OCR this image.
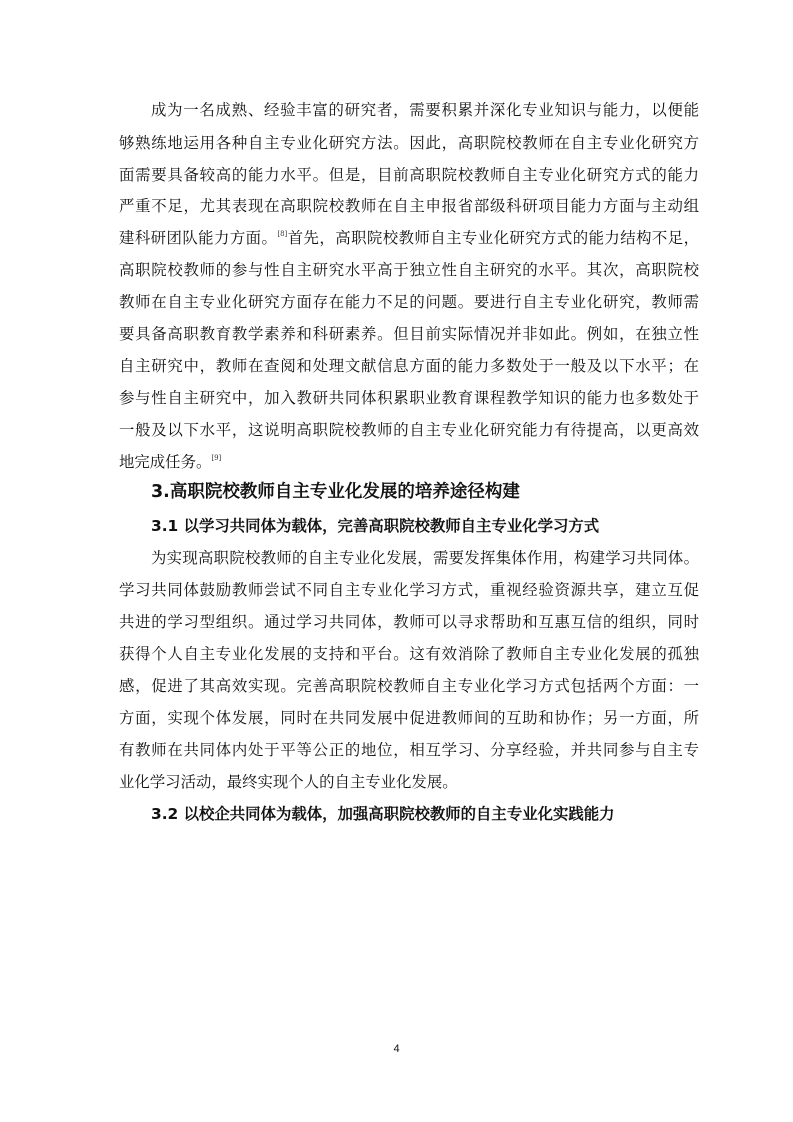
成为一名成熟、经验丰富的研究者，需要积累并深化专业知识与能力，以便能
够熟练地运用各种自主专业化研究方法。因此，高职院校教师在自主专业化研究方
面需要具备较高的能力水平。但是，目前高职院校教师自主专业化研究方式的能力
严重不足，尤其表现在高职院校教师在自主申报省部级科研项目能力方面与主动组
建科研团队能力方面。[8]首先，高职院校教师自主专业化研究方式的能力结构不足，
高职院校教师的参与性自主研究水平高于独立性自主研究的水平。其次，高职院校
教师在自主专业化研究方面存在能力不足的问题。要进行自主专业化研究，教师需
要具备高职教育教学素养和科研素养。但目前实际情况并非如此。例如，在独立性
自主研究中，教师在查阅和处理文献信息方面的能力多数处于一般及以下水平；在
参与性自主研究中，加入教研共同体积累职业教育课程教学知识的能力也多数处于
一般及以下水平，这说明高职院校教师的自主专业化研究能力有待提高，以更高效
地完成任务。[9]
3.高职院校教师自主专业化发展的培养途径构建
3.1 以学习共同体为载体，完善高职院校教师自主专业化学习方式
为实现高职院校教师的自主专业化发展，需要发挥集体作用，构建学习共同体。
学习共同体鼓励教师尝试不同自主专业化学习方式，重视经验资源共享，建立互促
共进的学习型组织。通过学习共同体，教师可以寻求帮助和互惠互信的组织，同时
获得个人自主专业化发展的支持和平台。这有效消除了教师自主专业化发展的孤独
感，促进了其高效实现。完善高职院校教师自主专业化学习方式包括两个方面：一
方面，实现个体发展，同时在共同发展中促进教师间的互助和协作；另一方面，所
有教师在共同体内处于平等公正的地位，相互学习、分享经验，并共同参与自主专
业化学习活动，最终实现个人的自主专业化发展。
3.2 以校企共同体为载体，加强高职院校教师的自主专业化实践能力
4
